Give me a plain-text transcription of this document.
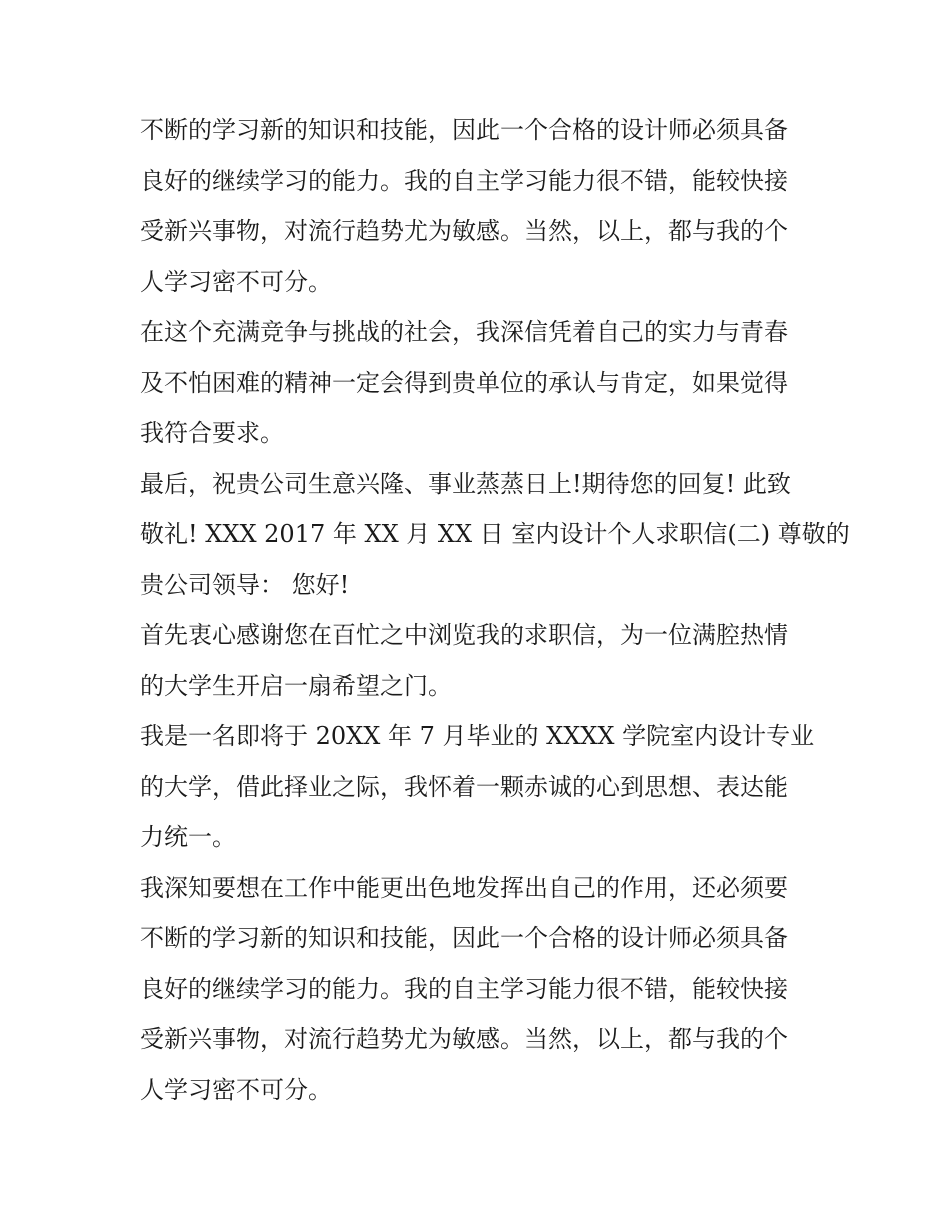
不断的学习新的知识和技能，因此一个合格的设计师必须具备
良好的继续学习的能力。我的自主学习能力很不错，能较快接
受新兴事物，对流行趋势尤为敏感。当然，以上，都与我的个
人学习密不可分。
在这个充满竞争与挑战的社会，我深信凭着自己的实力与青春
及不怕困难的精神一定会得到贵单位的承认与肯定，如果觉得
我符合要求。
最后，祝贵公司生意兴隆、事业蒸蒸日上!期待您的回复! 此致
敬礼! XXX 2017 年 XX 月 XX 日 室内设计个人求职信(二) 尊敬的
贵公司领导： 您好!
首先衷心感谢您在百忙之中浏览我的求职信，为一位满腔热情
的大学生开启一扇希望之门。
我是一名即将于 20XX 年 7 月毕业的 XXXX 学院室内设计专业
的大学，借此择业之际，我怀着一颗赤诚的心到思想、表达能
力统一。
我深知要想在工作中能更出色地发挥出自己的作用，还必须要
不断的学习新的知识和技能，因此一个合格的设计师必须具备
良好的继续学习的能力。我的自主学习能力很不错，能较快接
受新兴事物，对流行趋势尤为敏感。当然，以上，都与我的个
人学习密不可分。
